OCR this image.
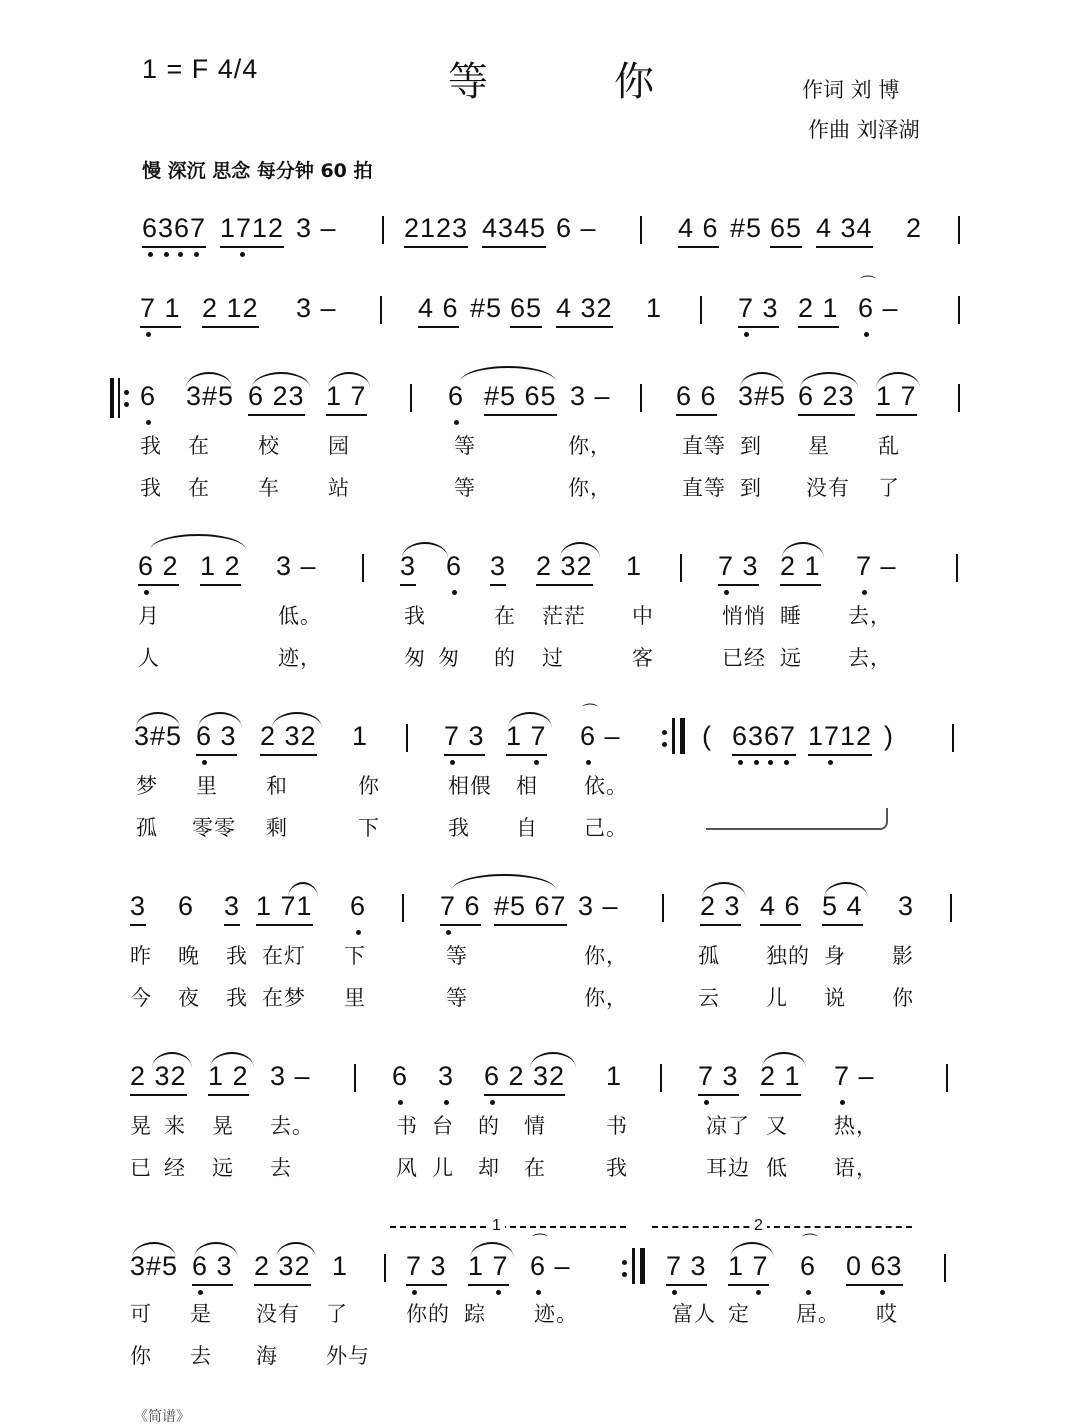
1 = F 4/4	等	你	作词 刘 博
作曲 刘泽湖
慢 深沉 思念 每分钟 60 拍
6367 1712 3 – 2123 4345 6 –	4 6 #5 65 4 34 2
7 1 2 12 3 –	4 6 #5 65 4 32 1	7 3 2 1 6 –
⌒
6 3#5 6 23 1 7	6 #5 65 3 – 6 6 3#5 6 23 1 7
我 在 校 园	等	你，	直等 到 星 乱
我 在 车 站	等	你，	直等 到 没有 了
6 2 1 2 3 –	3 6 3 2 32 1	7 3 2 1 7 –
月	低。	我	在 茫茫 中	悄悄 睡 去，
人	迹，	匆 匆 的 过	客	已经 远 去，
3#5 6 3 2 32 1	7 3 1 7 6 –	( 6367 1712 )
⌒
梦 里 和	你	相偎 相 依。
孤 零零 剩	下	我 自 己。
3 6 3 1 71 6	7 6 #5 67 3 –	2 3 4 6 5 4 3
昨 晚 我 在灯 下	等	你，	孤 独的 身 影
今 夜 我 在梦 里	等	你，	云 儿 说 你
2 32 1 2 3 –	6 3 6 2 32 1	7 3 2 1 7 –
晃 来 晃 去。	书 台 的 情	书	凉了 又 热，
已 经 远 去	风 儿 却 在	我	耳边 低 语，
1	2
3#5 6 3 2 32 1 7 3 1 7 6 –	7 3 1 7 6 0 63
⌒	⌒
可 是 没有 了	你的 踪 迹。	富人 定 居。 哎
你 去 海 外与
《简谱》
